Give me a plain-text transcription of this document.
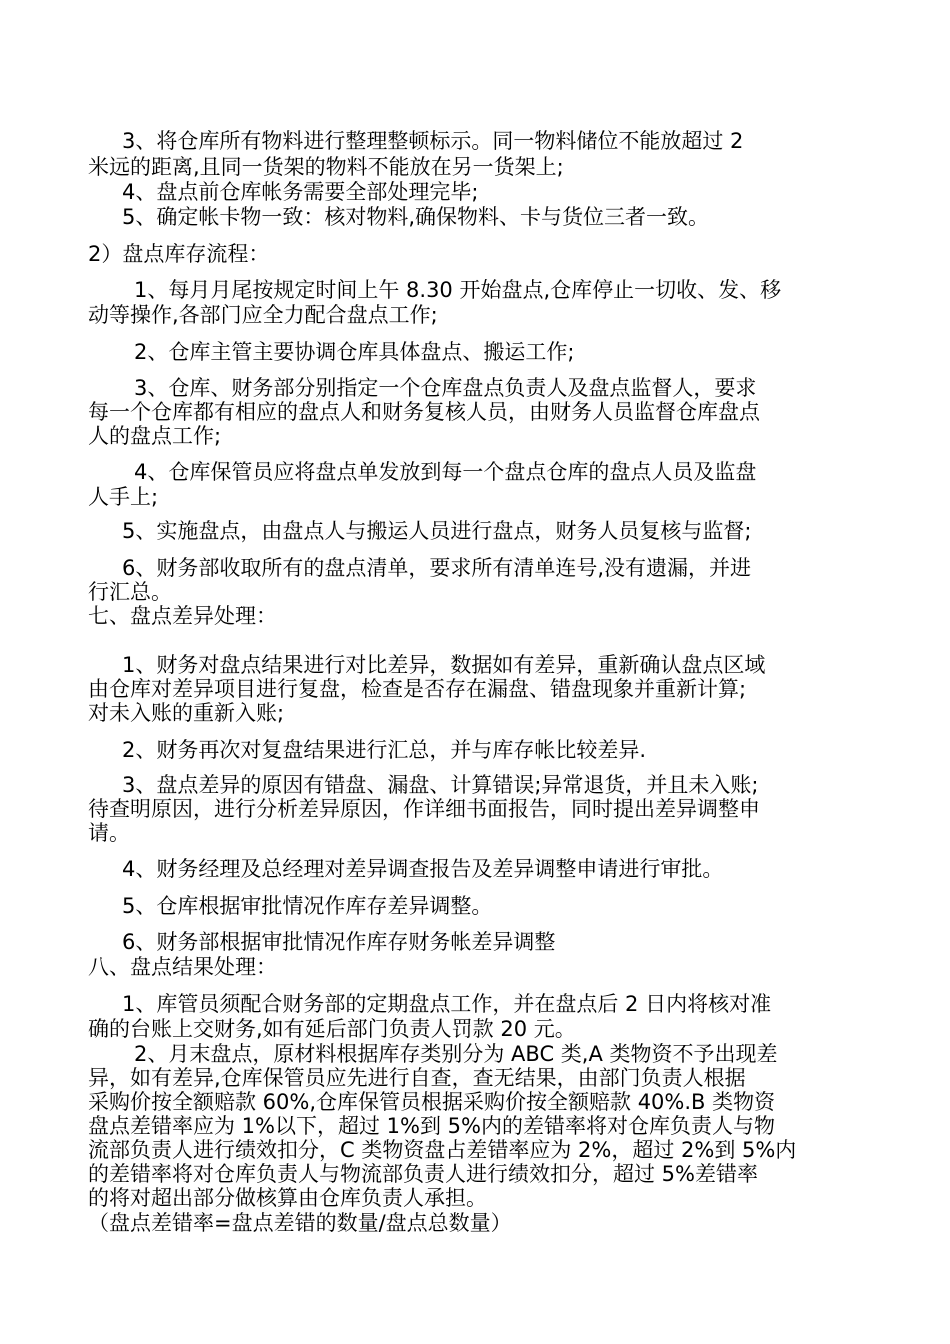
3、将仓库所有物料进行整理整顿标示。同一物料储位不能放超过 2
米远的距离,且同一货架的物料不能放在另一货架上;
4、盘点前仓库帐务需要全部处理完毕;
5、确定帐卡物一致：核对物料,确保物料、卡与货位三者一致。
2）盘点库存流程：
1、每月月尾按规定时间上午 8.30 开始盘点,仓库停止一切收、发、移
动等操作,各部门应全力配合盘点工作;
2、仓库主管主要协调仓库具体盘点、搬运工作;
3、仓库、财务部分别指定一个仓库盘点负责人及盘点监督人，要求
每一个仓库都有相应的盘点人和财务复核人员，由财务人员监督仓库盘点
人的盘点工作;
4、仓库保管员应将盘点单发放到每一个盘点仓库的盘点人员及监盘
人手上;
5、实施盘点，由盘点人与搬运人员进行盘点，财务人员复核与监督;
6、财务部收取所有的盘点清单，要求所有清单连号,没有遗漏，并进
行汇总。
七、盘点差异处理：
1、财务对盘点结果进行对比差异，数据如有差异，重新确认盘点区域
由仓库对差异项目进行复盘，检查是否存在漏盘、错盘现象并重新计算;
对未入账的重新入账;
2、财务再次对复盘结果进行汇总，并与库存帐比较差异.
3、盘点差异的原因有错盘、漏盘、计算错误;异常退货，并且未入账;
待查明原因，进行分析差异原因，作详细书面报告，同时提出差异调整申
请。
4、财务经理及总经理对差异调查报告及差异调整申请进行审批。
5、仓库根据审批情况作库存差异调整。
6、财务部根据审批情况作库存财务帐差异调整
八、盘点结果处理：
1、库管员须配合财务部的定期盘点工作，并在盘点后 2 日内将核对准
确的台账上交财务,如有延后部门负责人罚款 20 元。
2、月末盘点，原材料根据库存类别分为 ABC 类,A 类物资不予出现差
异，如有差异,仓库保管员应先进行自查，查无结果，由部门负责人根据
采购价按全额赔款 60%,仓库保管员根据采购价按全额赔款 40%.B 类物资
盘点差错率应为 1%以下，超过 1%到 5%内的差错率将对仓库负责人与物
流部负责人进行绩效扣分，C 类物资盘占差错率应为 2%，超过 2%到 5%内
的差错率将对仓库负责人与物流部负责人进行绩效扣分，超过 5%差错率
的将对超出部分做核算由仓库负责人承担。
（盘点差错率=盘点差错的数量/盘点总数量）
